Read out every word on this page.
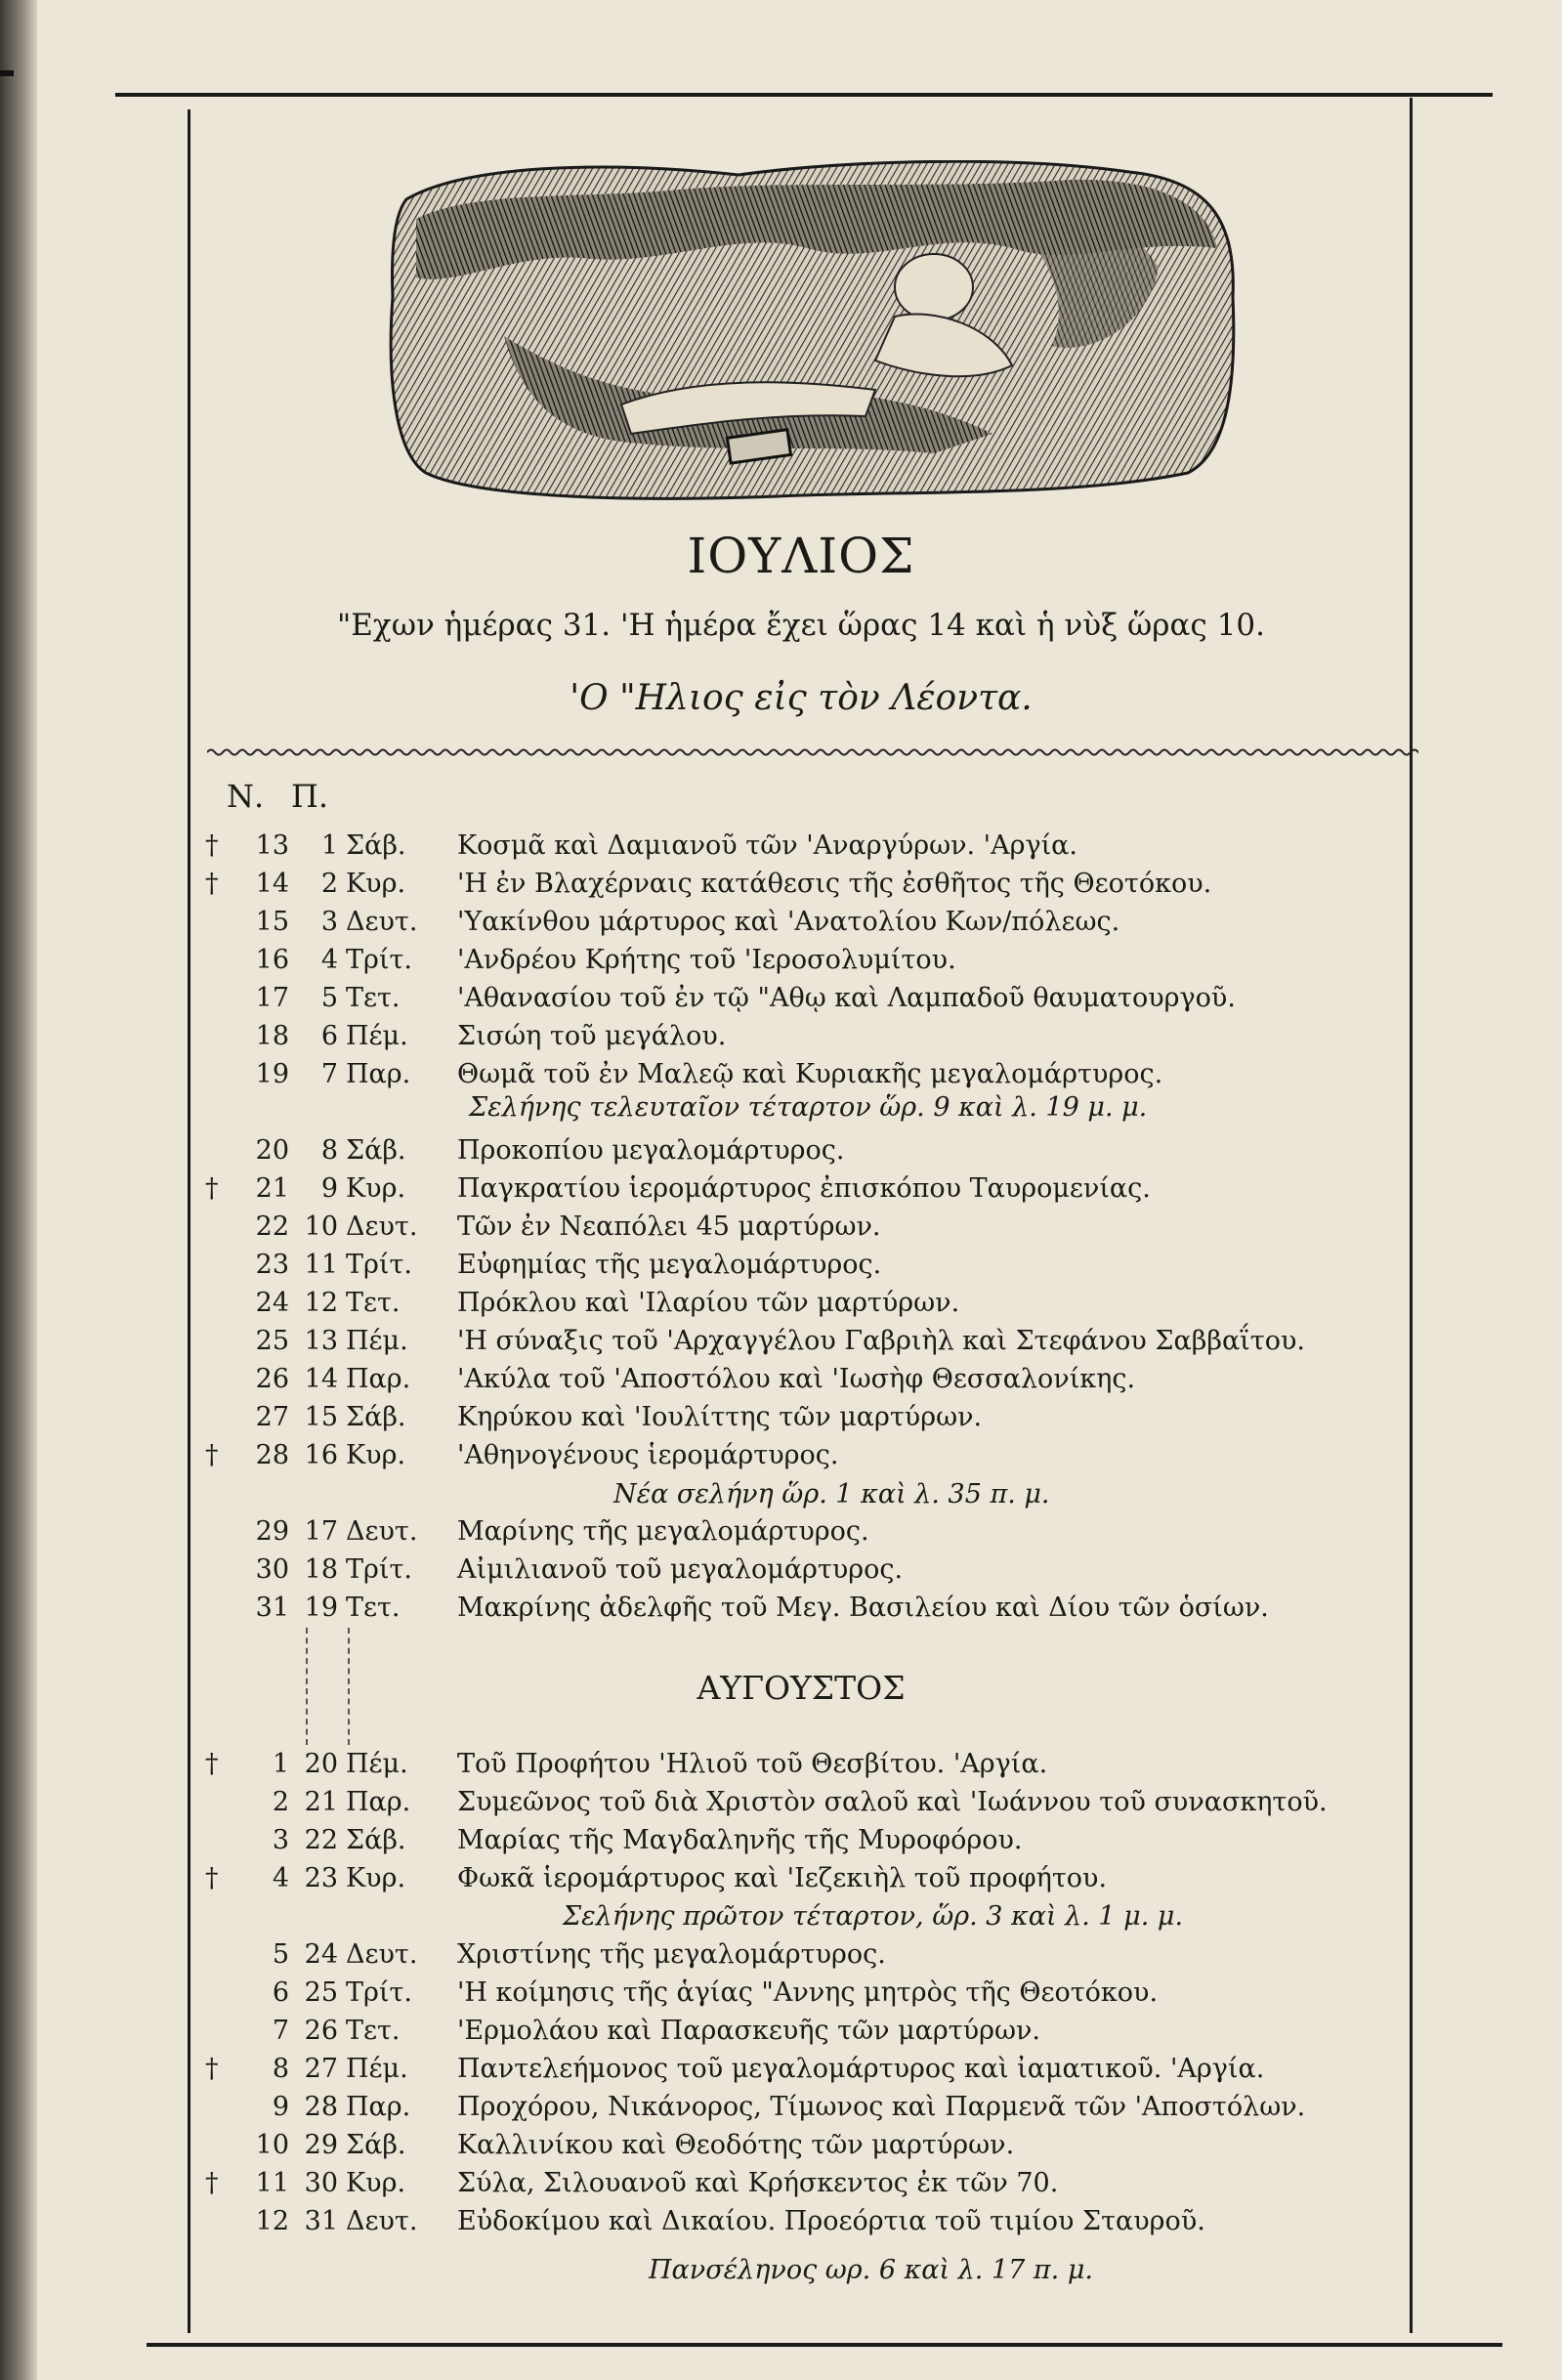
ΙΟΥΛΙΟΣ
"Εχων ἡμέρας 31. 'Η ἡμέρα ἔχει ὥρας 14 καὶ ἡ νὺξ ὥρας 10.
'Ο "Ηλιος εἰς τὸν Λέοντα.
Ν. Π.
†	13	1 Σάβ.	Κοσμᾶ καὶ Δαμιανοῦ τῶν 'Αναργύρων. 'Αργία.
†	14	2 Κυρ.	'Η ἐν Βλαχέρναις κατάθεσις τῆς ἐσθῆτος τῆς Θεοτόκου.
15	3 Δευτ.	'Υακίνθου μάρτυρος καὶ 'Ανατολίου Κων/πόλεως.
16	4 Τρίτ.	'Ανδρέου Κρήτης τοῦ 'Ιεροσολυμίτου.
17	5 Τετ.	'Αθανασίου τοῦ ἐν τῷ "Αθῳ καὶ Λαμπαδοῦ θαυματουργοῦ.
18	6 Πέμ.	Σισώη τοῦ μεγάλου.
19	7 Παρ.	Θωμᾶ τοῦ ἐν Μαλεῷ καὶ Κυριακῆς μεγαλομάρτυρος.
20	8 Σάβ.	Προκοπίου μεγαλομάρτυρος.
†	21	9 Κυρ.	Παγκρατίου ἱερομάρτυρος ἐπισκόπου Ταυρομενίας.
22 10 Δευτ.	Τῶν ἐν Νεαπόλει 45 μαρτύρων.
23 11 Τρίτ.	Εὐφημίας τῆς μεγαλομάρτυρος.
24 12 Τετ.	Πρόκλου καὶ 'Ιλαρίου τῶν μαρτύρων.
25 13 Πέμ.	'Η σύναξις τοῦ 'Αρχαγγέλου Γαβριὴλ καὶ Στεφάνου Σαββαΐτου.
26 14 Παρ.	'Ακύλα τοῦ 'Αποστόλου καὶ 'Ιωσὴφ Θεσσαλονίκης.
27 15 Σάβ.	Κηρύκου καὶ 'Ιουλίττης τῶν μαρτύρων.
†	28 16 Κυρ.	'Αθηνογένους ἱερομάρτυρος.
29 17 Δευτ.	Μαρίνης τῆς μεγαλομάρτυρος.
30 18 Τρίτ.	Αἰμιλιανοῦ τοῦ μεγαλομάρτυρος.
31 19 Τετ.	Μακρίνης ἀδελφῆς τοῦ Μεγ. Βασιλείου καὶ Δίου τῶν ὁσίων.
Σελήνης τελευταῖον τέταρτον ὥρ. 9 καὶ λ. 19 μ. μ.
Νέα σελήνη ὥρ. 1 καὶ λ. 35 π. μ.
ΑΥΓΟΥΣΤΟΣ
†	1 20 Πέμ.	Τοῦ Προφήτου 'Ηλιοῦ τοῦ Θεσβίτου. 'Αργία.
2 21 Παρ.	Συμεῶνος τοῦ διὰ Χριστὸν σαλοῦ καὶ 'Ιωάννου τοῦ συνασκητοῦ.
3 22 Σάβ.	Μαρίας τῆς Μαγδαληνῆς τῆς Μυροφόρου.
†	4 23 Κυρ.	Φωκᾶ ἱερομάρτυρος καὶ 'Ιεζεκιὴλ τοῦ προφήτου.
5 24 Δευτ.	Χριστίνης τῆς μεγαλομάρτυρος.
6 25 Τρίτ.	'Η κοίμησις τῆς ἁγίας "Αννης μητρὸς τῆς Θεοτόκου.
7 26 Τετ.	'Ερμολάου καὶ Παρασκευῆς τῶν μαρτύρων.
†	8 27 Πέμ.	Παντελεήμονος τοῦ μεγαλομάρτυρος καὶ ἰαματικοῦ. 'Αργία.
9 28 Παρ.	Προχόρου, Νικάνορος, Τίμωνος καὶ Παρμενᾶ τῶν 'Αποστόλων.
10 29 Σάβ.	Καλλινίκου καὶ Θεοδότης τῶν μαρτύρων.
†	11 30 Κυρ.	Σύλα, Σιλουανοῦ καὶ Κρήσκεντος ἐκ τῶν 70.
12 31 Δευτ.	Εὐδοκίμου καὶ Δικαίου. Προεόρτια τοῦ τιμίου Σταυροῦ.
Σελήνης πρῶτον τέταρτον, ὥρ. 3 καὶ λ. 1 μ. μ.
Πανσέληνος ωρ. 6 καὶ λ. 17 π. μ.
